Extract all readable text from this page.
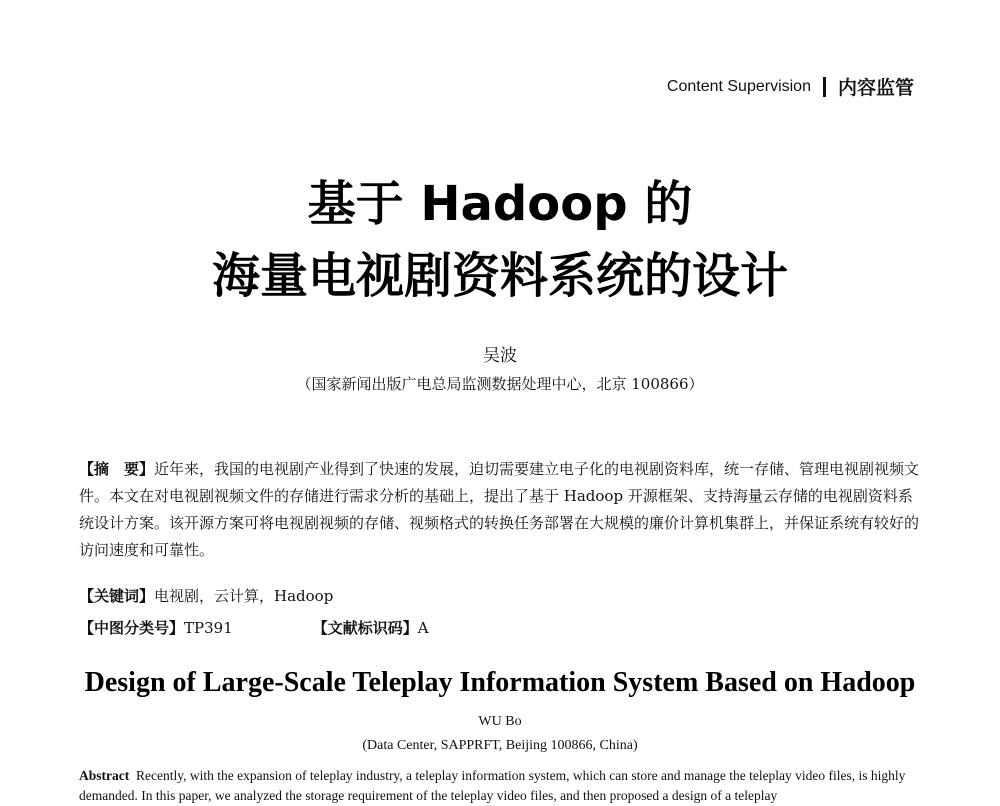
Content Supervision 内容监管
基于 Hadoop 的
海量电视剧资料系统的设计
吴波
（国家新闻出版广电总局监测数据处理中心，北京 100866）

【摘　要】近年来，我国的电视剧产业得到了快速的发展，迫切需要建立电子化的电视剧资料库，统一存储、管理电视剧视频文件。本文在对电视剧视频文件的存储进行需求分析的基础上，提出了基于 Hadoop 开源框架、支持海量云存储的电视剧资料系统设计方案。该开源方案可将电视剧视频的存储、视频格式的转换任务部署在大规模的廉价计算机集群上，并保证系统有较好的访问速度和可靠性。

【关键词】电视剧，云计算，Hadoop
【中图分类号】TP391	【文献标识码】A
Design of Large-Scale Teleplay Information System Based on Hadoop
WU Bo
(Data Center, SAPPRFT, Beijing 100866, China)

Abstract Recently, with the expansion of teleplay industry, a teleplay information system, which can store and manage the teleplay video files, is highly demanded. In this paper, we analyzed the storage requirement of the teleplay video files, and then proposed a design of a teleplay
